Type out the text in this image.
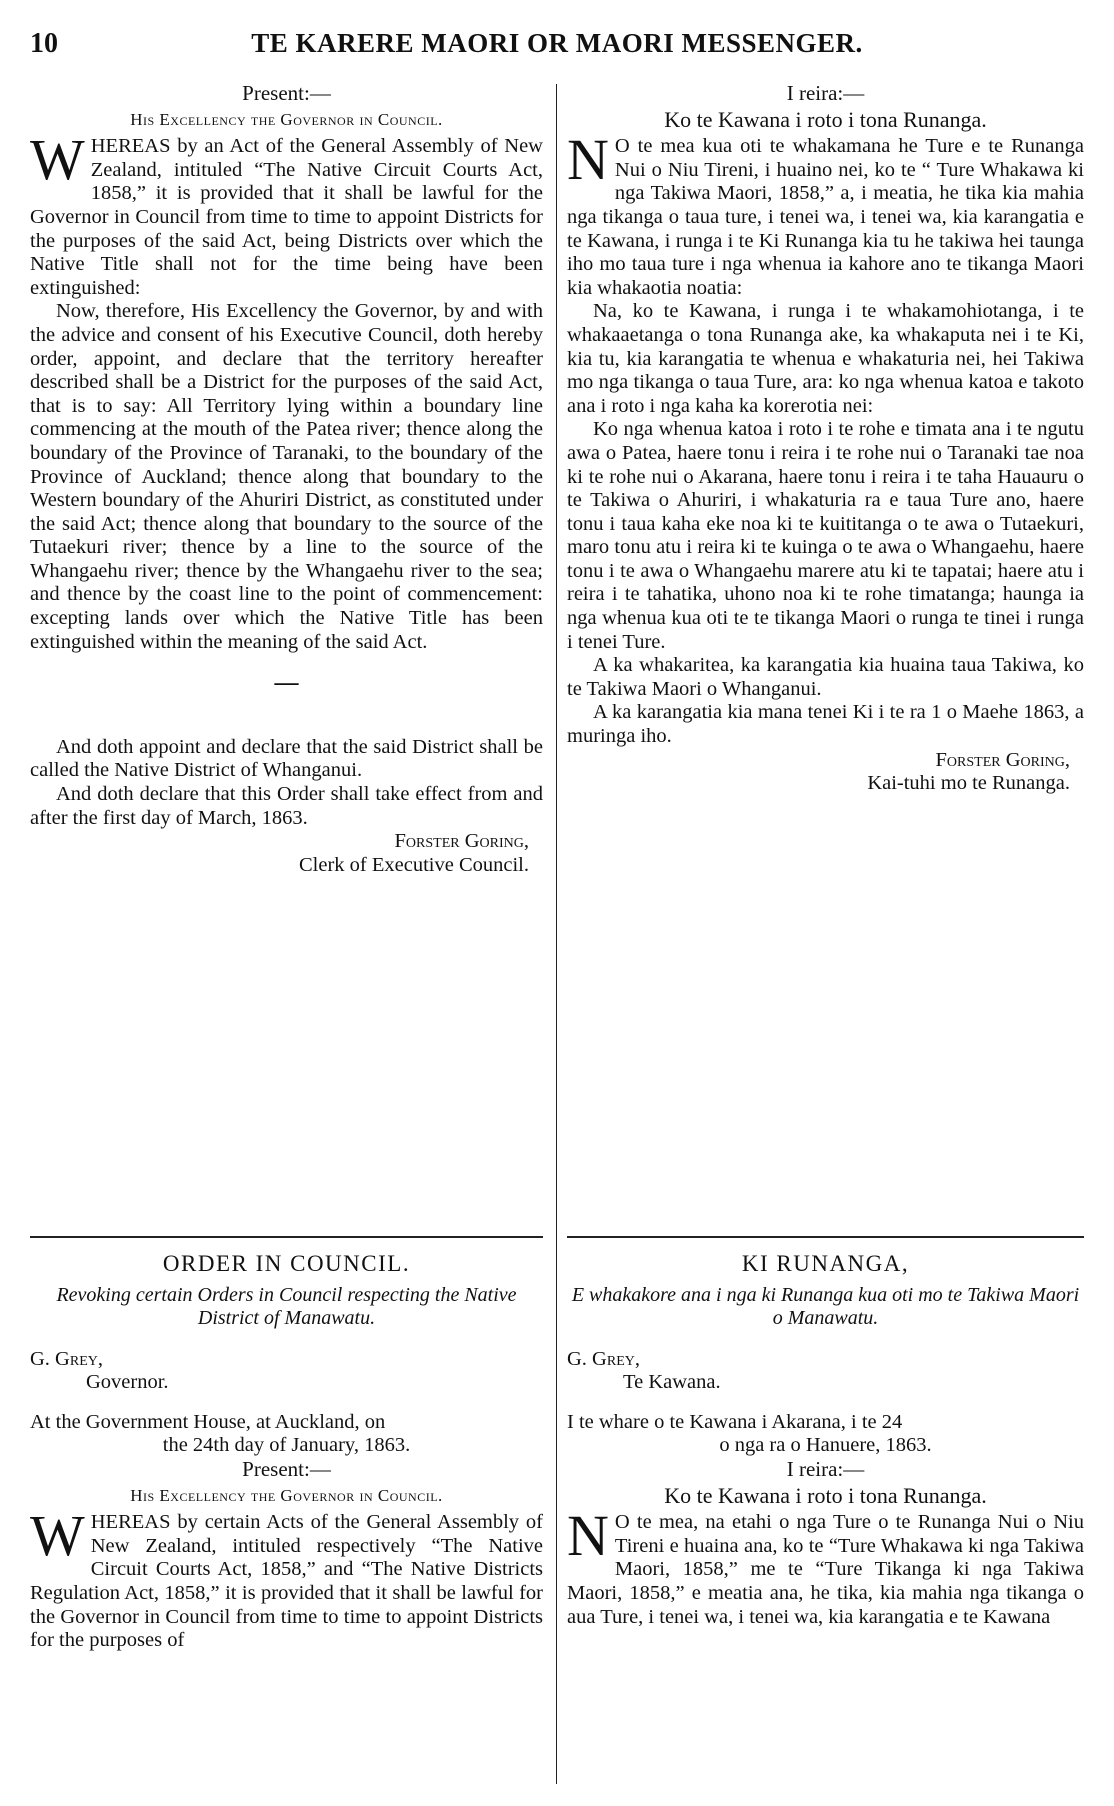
10	TE KARERE MAORI OR MAORI MESSENGER.
Present:—
His Excellency the Governor in Council.

WHEREAS by an Act of the General Assembly of New Zealand, intituled “The Native Circuit Courts Act, 1858,” it is provided that it shall be lawful for the Governor in Council from time to time to appoint Districts for the purposes of the said Act, being Districts over which the Native Title shall not for the time being have been extinguished:

Now, therefore, His Excellency the Governor, by and with the advice and consent of his Executive Council, doth hereby order, appoint, and declare that the territory hereafter described shall be a District for the purposes of the said Act, that is to say: All Territory lying within a boundary line commencing at the mouth of the Patea river; thence along the boundary of the Province of Taranaki, to the boundary of the Province of Auckland; thence along that boundary to the Western boundary of the Ahuriri District, as constituted under the said Act; thence along that boundary to the source of the Tutaekuri river; thence by a line to the source of the Whangaehu river; thence by the Whangaehu river to the sea; and thence by the coast line to the point of commencement: excepting lands over which the Native Title has been extinguished within the meaning of the said Act.

—

And doth appoint and declare that the said District shall be called the Native District of Whanganui.

And doth declare that this Order shall take effect from and after the first day of March, 1863.

Forster Goring,
Clerk of Executive Council.
I reira:—
Ko te Kawana i roto i tona Runanga.

N O te mea kua oti te whakamana he Ture e te Runanga Nui o Niu Tireni, i huaino nei, ko te “ Ture Whakawa ki nga Takiwa Maori, 1858,” a, i meatia, he tika kia mahia nga tikanga o taua ture, i tenei wa, i tenei wa, kia karangatia e te Kawana, i runga i te Ki Runanga kia tu he takiwa hei taunga iho mo taua ture i nga whenua ia kahore ano te tikanga Maori kia whakaotia noatia:

Na, ko te Kawana, i runga i te whakamohiotanga, i te whakaaetanga o tona Runanga ake, ka whakaputa nei i te Ki, kia tu, kia karangatia te whenua e whakaturia nei, hei Takiwa mo nga tikanga o taua Ture, ara: ko nga whenua katoa e takoto ana i roto i nga kaha ka korerotia nei:

Ko nga whenua katoa i roto i te rohe e timata ana i te ngutu awa o Patea, haere tonu i reira i te rohe nui o Taranaki tae noa ki te rohe nui o Akarana, haere tonu i reira i te taha Hauauru o te Takiwa o Ahuriri, i whakaturia ra e taua Ture ano, haere tonu i taua kaha eke noa ki te kuititanga o te awa o Tutaekuri, maro tonu atu i reira ki te kuinga o te awa o Whangaehu, haere tonu i te awa o Whangaehu marere atu ki te tapatai; haere atu i reira i te tahatika, uhono noa ki te rohe timatanga; haunga ia nga whenua kua oti te te tikanga Maori o runga te tinei i runga i tenei Ture.

A ka whakaritea, ka karangatia kia huaina taua Takiwa, ko te Takiwa Maori o Whanganui.

A ka karangatia kia mana tenei Ki i te ra 1 o Maehe 1863, a muringa iho.

Forster Goring,
Kai-tuhi mo te Runanga.
ORDER IN COUNCIL.
Revoking certain Orders in Council respecting the Native District of Manawatu.
G. Grey,
Governor.

At the Government House, at Auckland, on
the 24th day of January, 1863.

Present:—
His Excellency the Governor in Council.

WHEREAS by certain Acts of the General Assembly of New Zealand, intituled respectively “The Native Circuit Courts Act, 1858,” and “The Native Districts Regulation Act, 1858,” it is provided that it shall be lawful for the Governor in Council from time to time to appoint Districts for the purposes of

KI RUNANGA,
E whakakore ana i nga ki Runanga kua oti mo te Takiwa Maori o Manawatu.
G. Grey,
Te Kawana.

I te whare o te Kawana i Akarana, i te 24
o nga ra o Hanuere, 1863.

I reira:—
Ko te Kawana i roto i tona Runanga.

N O te mea, na etahi o nga Ture o te Runanga Nui o Niu Tireni e huaina ana, ko te “Ture Whakawa ki nga Takiwa Maori, 1858,” me te “Ture Tikanga ki nga Takiwa Maori, 1858,” e meatia ana, he tika, kia mahia nga tikanga o aua Ture, i tenei wa, i tenei wa, kia karangatia e te Kawana
